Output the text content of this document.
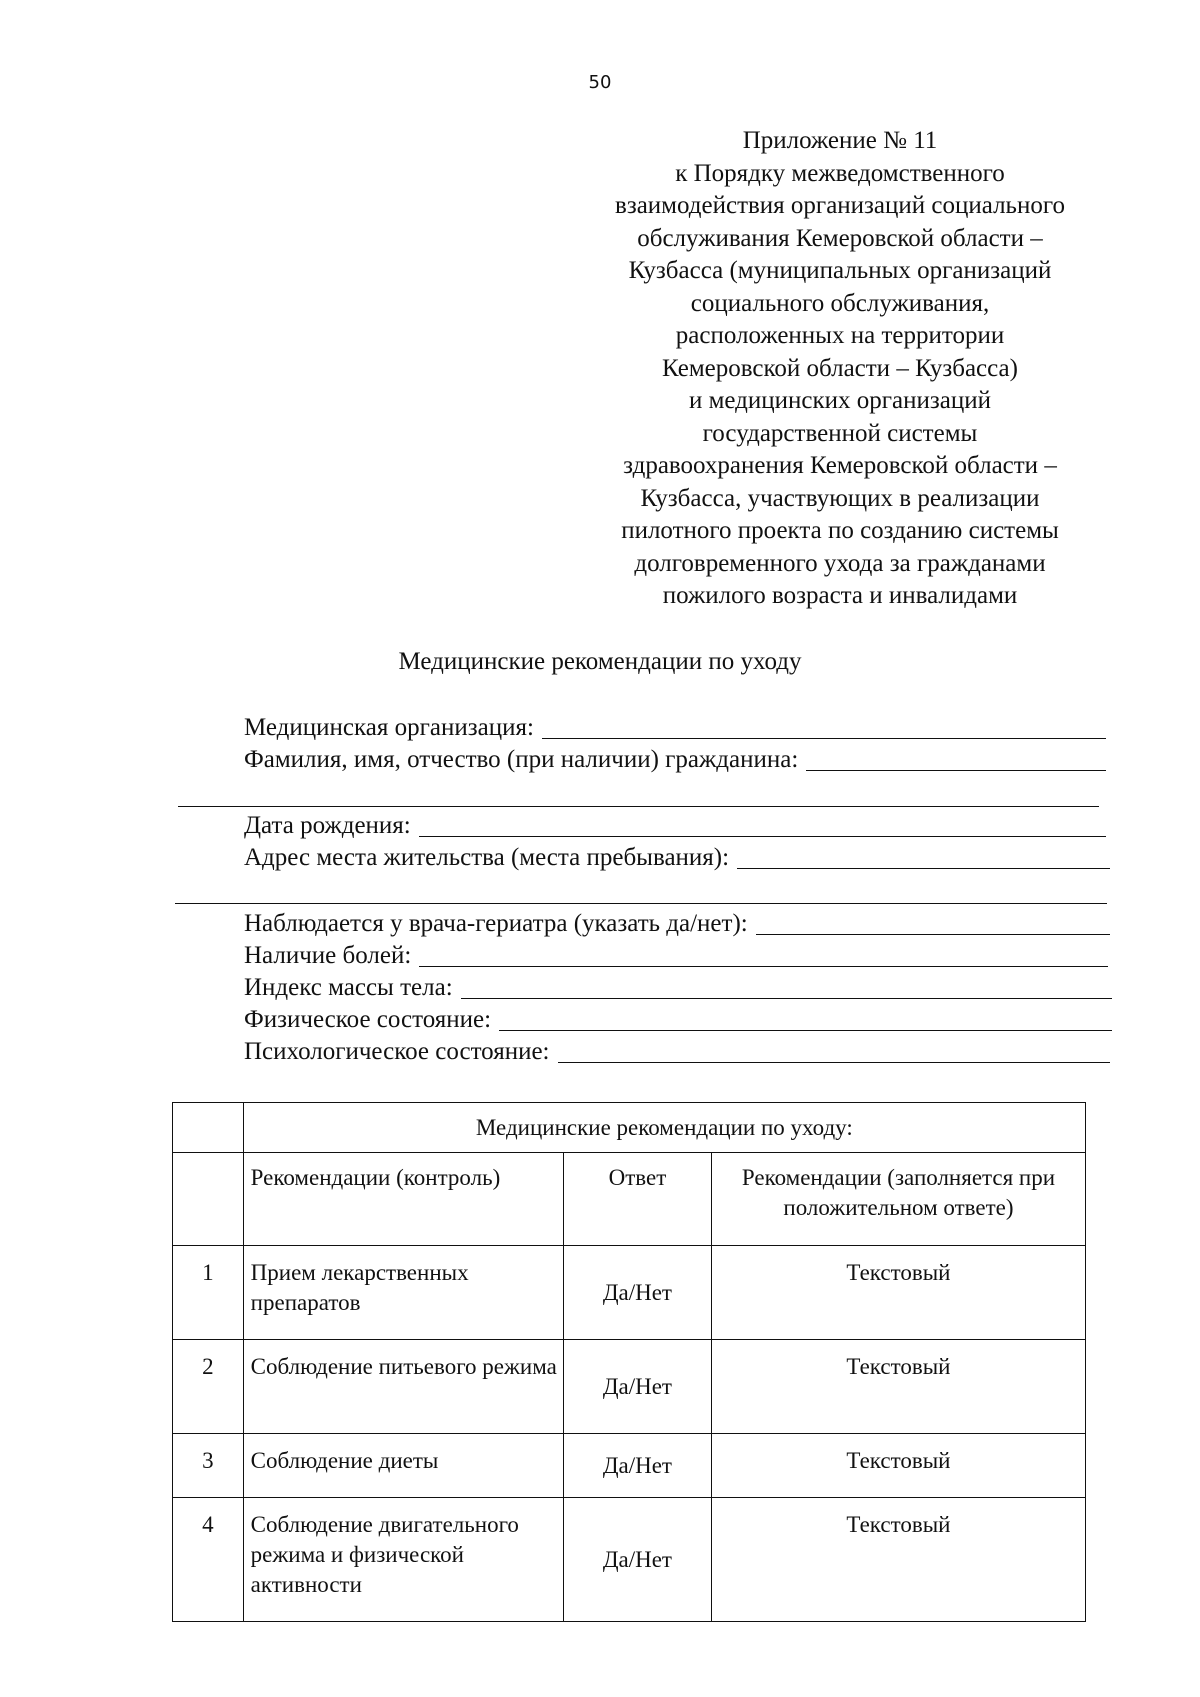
50
Приложение № 11
к Порядку межведомственного
взаимодействия организаций социального
обслуживания Кемеровской области –
Кузбасса (муниципальных организаций
социального обслуживания,
расположенных на территории
Кемеровской области – Кузбасса)
и медицинских организаций
государственной системы
здравоохранения Кемеровской области –
Кузбасса, участвующих в реализации
пилотного проекта по созданию системы
долговременного ухода за гражданами
пожилого возраста и инвалидами
Медицинские рекомендации по уходу
Медицинская организация:
Фамилия, имя, отчество (при наличии) гражданина:
Дата рождения:
Адрес места жительства (места пребывания):
Наблюдается у врача-гериатра (указать да/нет):
Наличие болей:
Индекс массы тела:
Физическое состояние:
Психологическое состояние:
	Медицинские рекомендации по уходу:		
	Рекомендации (контроль)	Ответ	Рекомендации (заполняется при положительном ответе)
1	Прием лекарственных препаратов	Да/Нет	Текстовый
2	Соблюдение питьевого режима	Да/Нет	Текстовый
3	Соблюдение диеты	Да/Нет	Текстовый
4	Соблюдение двигательного режима и физической активности	Да/Нет	Текстовый
